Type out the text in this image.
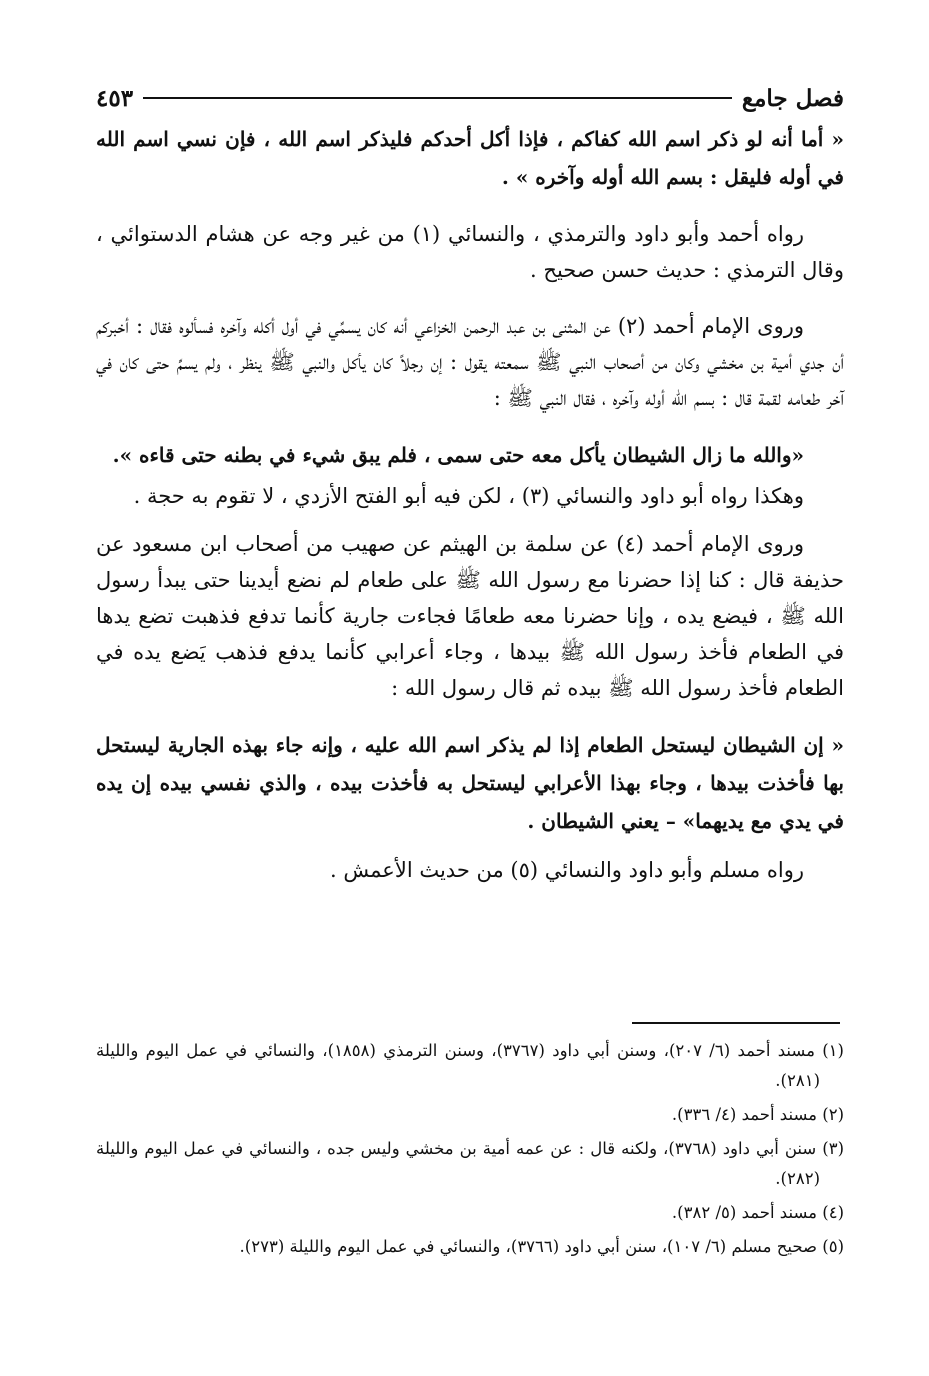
فصل جامع
٤٥٣

« أما أنه لو ذكر اسم الله كفاكم ، فإذا أكل أحدكم فليذكر اسم الله ، فإن نسي اسم الله في أوله فليقل : بسم الله أوله وآخره » .

رواه أحمد وأبو داود والترمذي ، والنسائي (١) من غير وجه عن هشام الدستوائي ، وقال الترمذي : حديث حسن صحيح .

وروى الإمام أحمد (٢) عن المثنى بن عبد الرحمن الخزاعي أنه كان يسمِّي في أول أكله وآخره فسألوه فقال : أخبركم أن جدي أمية بن مخشي وكان من أصحاب النبي ﷺ سمعته يقول : إن رجلاً كان يأكل والنبي ﷺ ينظر ، ولم يسمِّ حتى كان في آخر طعامه لقمة قال : بسم الله أوله وآخره ، فقال النبي ﷺ :

«والله ما زال الشيطان يأكل معه حتى سمى ، فلم يبق شيء في بطنه حتى قاءه ».

وهكذا رواه أبو داود والنسائي (٣) ، لكن فيه أبو الفتح الأزدي ، لا تقوم به حجة .

وروى الإمام أحمد (٤) عن سلمة بن الهيثم عن صهيب من أصحاب ابن مسعود عن حذيفة قال : كنا إذا حضرنا مع رسول الله ﷺ على طعام لم نضع أيدينا حتى يبدأ رسول الله ﷺ ، فيضع يده ، وإنا حضرنا معه طعامًا فجاءت جارية كأنما تدفع فذهبت تضع يدها في الطعام فأخذ رسول الله ﷺ بيدها ، وجاء أعرابي كأنما يدفع فذهب يَضع يده في الطعام فأخذ رسول الله ﷺ بيده ثم قال رسول الله :

« إن الشيطان ليستحل الطعام إذا لم يذكر اسم الله عليه ، وإنه جاء بهذه الجارية ليستحل بها فأخذت بيدها ، وجاء بهذا الأعرابي ليستحل به فأخذت بيده ، والذي نفسي بيده إن يده في يدي مع يديهما» – يعني الشيطان .

رواه مسلم وأبو داود والنسائي (٥) من حديث الأعمش .

(١) مسند أحمد (٦/ ٢٠٧)، وسنن أبي داود (٣٧٦٧)، وسنن الترمذي (١٨٥٨)، والنسائي في عمل اليوم والليلة (٢٨١).

(٢) مسند أحمد (٤/ ٣٣٦).

(٣) سنن أبي داود (٣٧٦٨)، ولكنه قال : عن عمه أمية بن مخشي وليس جده ، والنسائي في عمل اليوم والليلة (٢٨٢).

(٤) مسند أحمد (٥/ ٣٨٢).

(٥) صحيح مسلم (٦/ ١٠٧)، سنن أبي داود (٣٧٦٦)، والنسائي في عمل اليوم والليلة (٢٧٣).
